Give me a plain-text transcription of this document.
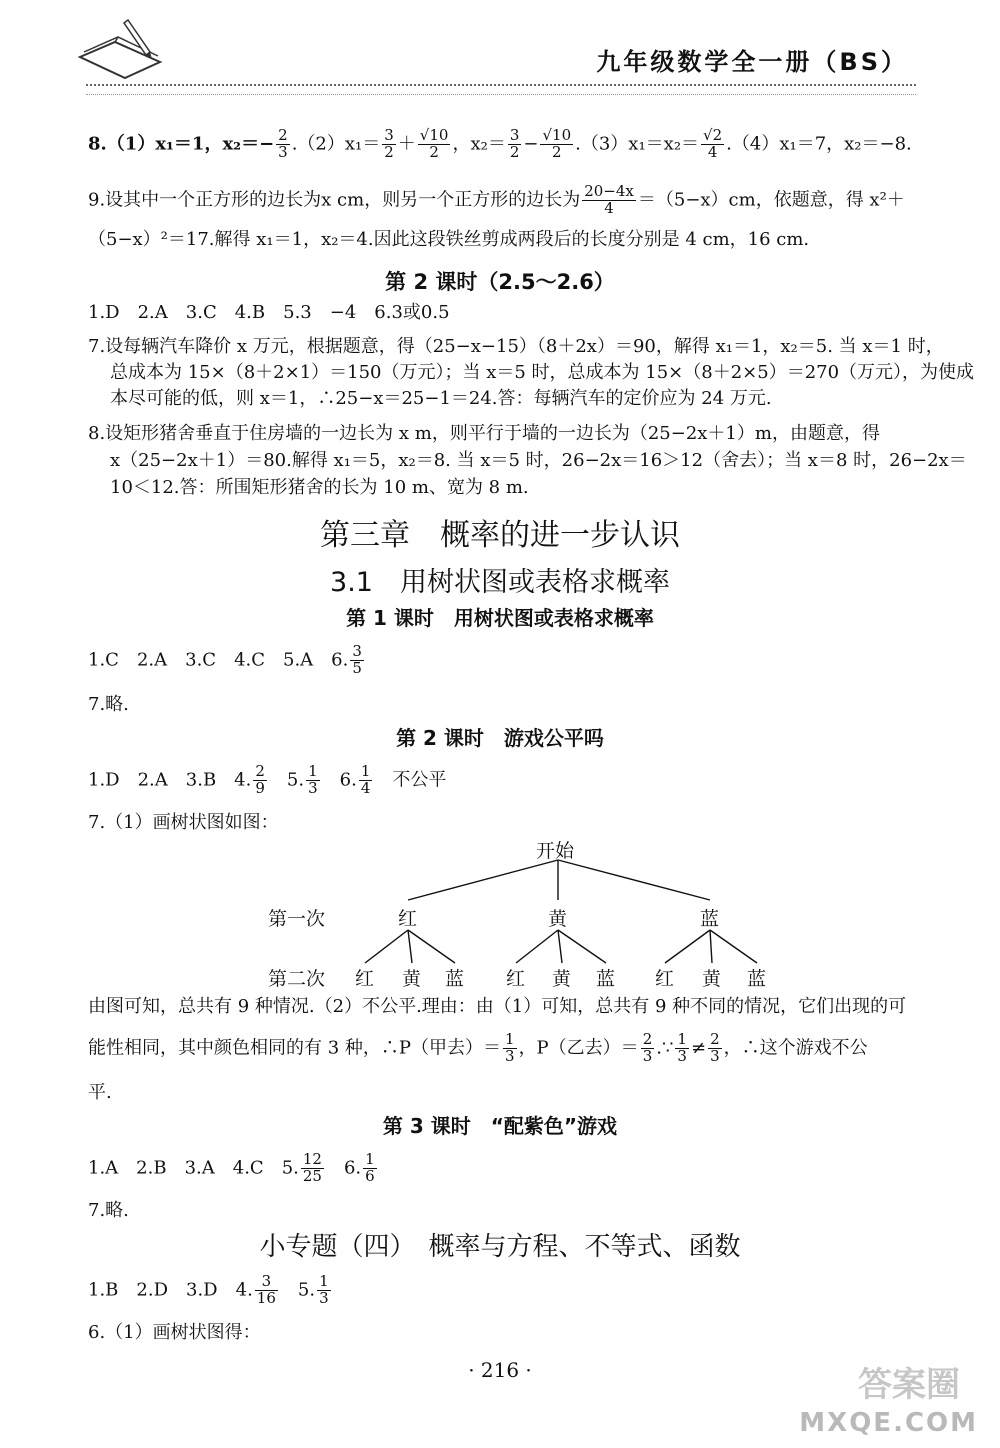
九年级数学全一册（BS）
8.（1）x₁＝1，$x_2=- \frac{2}{3} .(2)x_1= \frac{3}{2} + \frac{√10}{2}$ ，$x_2= \frac{3}{2} - \frac{√10}{2} .(3)x_1=x_2= \frac{√2}{4} .(4)x_1=7$，x₂＝−8.
9.设其中一个正方形的边长为x cm，则另一个正方形的边长为 $\frac{20-4x}{4} =(5-x)cm$，依题意，得 x²＋
（5−x）²＝17.解得 x₁＝1，x₂＝4.因此这段铁丝剪成两段后的长度分别是 4 cm，16 cm.
第 2 课时（2.5～2.6）
1.D　2.A　3.C　4.B　5.3　−4　6.3或0.5
7.设每辆汽车降价 x 万元，根据题意，得（25−x−15）（8＋2x）＝90，解得 x₁＝1，x₂＝5. 当 x＝1 时，
总成本为 15×（8＋2×1）＝150（万元）；当 x＝5 时，总成本为 15×（8＋2×5）＝270（万元），为使成
本尽可能的低，则 x＝1，∴25−x＝25−1＝24.答：每辆汽车的定价应为 24 万元.
8.设矩形猪舍垂直于住房墙的一边长为 x m，则平行于墙的一边长为（25−2x＋1）m，由题意，得
x（25−2x＋1）＝80.解得 x₁＝5，x₂＝8. 当 x＝5 时，26−2x＝16＞12（舍去）；当 x＝8 时，26−2x＝
10＜12.答：所围矩形猪舍的长为 10 m、宽为 8 m.
第三章　概率的进一步认识
3.1　用树状图或表格求概率
第 1 课时　用树状图或表格求概率
1.C　2.A　3.C　4.C　5.A　6. $\frac{3}{5}$
7.略.
第 2 课时　游戏公平吗
1.D　2.A　3.B　4. $\frac{2}{9}$ 　5. $\frac{1}{3}$ 　6. $\frac{1}{4}$ 　不公平
7.（1）画树状图如图：
开始
第一次	红	黄	蓝
第二次 红 黄 蓝 红 黄 蓝 红 黄 蓝
由图可知，总共有 9 种情况.（2）不公平.理由：由（1）可知，总共有 9 种不同的情况，它们出现的可
能性相同，其中颜色相同的有 3 种，∴P（甲去）＝ $\frac{1}{3}$ ，P（乙去）＝ $\frac{2}{3}$ .∵ $\frac{1}{3} \ne \frac{2}{3}$ ，∴这个游戏不公
平.
第 3 课时　“配紫色”游戏
1.A　2.B　3.A　4.C　5. $\frac{12}{25}$ 　6. $\frac{1}{6}$
7.略.
小专题（四）　概率与方程、不等式、函数
1.B　2.D　3.D　4. $\frac{3}{16}$ 　5. $\frac{1}{3}$
6.（1）画树状图得：
· 216 ·	答案圈
MXQE.COM
